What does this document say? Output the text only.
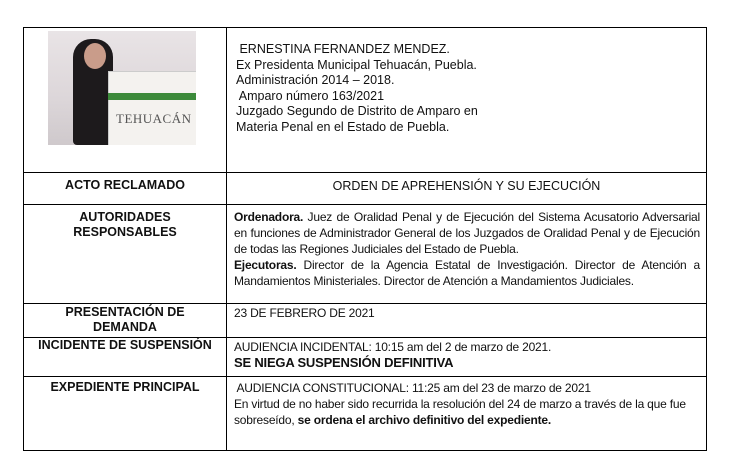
TEHUACÁN

ERNESTINA FERNANDEZ MENDEZ.
Ex Presidenta Municipal Tehuacán, Puebla.
Administración 2014 – 2018.
Amparo número 163/2021
Juzgado Segundo de Distrito de Amparo en
Materia Penal en el Estado de Puebla.

ACTO RECLAMADO	ORDEN DE APREHENSIÓN Y SU EJECUCIÓN
AUTORIDADES RESPONSABLES	Ordenadora. Juez de Oralidad Penal y de Ejecución del Sistema Acusatorio Adversarial en funciones de Administrador General de los Juzgados de Oralidad Penal y de Ejecución de todas las Regiones Judiciales del Estado de Puebla.
Ejecutoras. Director de la Agencia Estatal de Investigación. Director de Atención a Mandamientos Ministeriales. Director de Atención a Mandamientos Judiciales.
PRESENTACIÓN DE DEMANDA	23 DE FEBRERO DE 2021
INCIDENTE DE SUSPENSIÓN	AUDIENCIA INCIDENTAL: 10:15 am del 2 de marzo de 2021.
SE NIEGA SUSPENSIÓN DEFINITIVA

EXPEDIENTE PRINCIPAL	AUDIENCIA CONSTITUCIONAL: 11:25 am del 23 de marzo de 2021
En virtud de no haber sido recurrida la resolución del 24 de marzo a través de la que fue sobreseído, se ordena el archivo definitivo del expediente.
